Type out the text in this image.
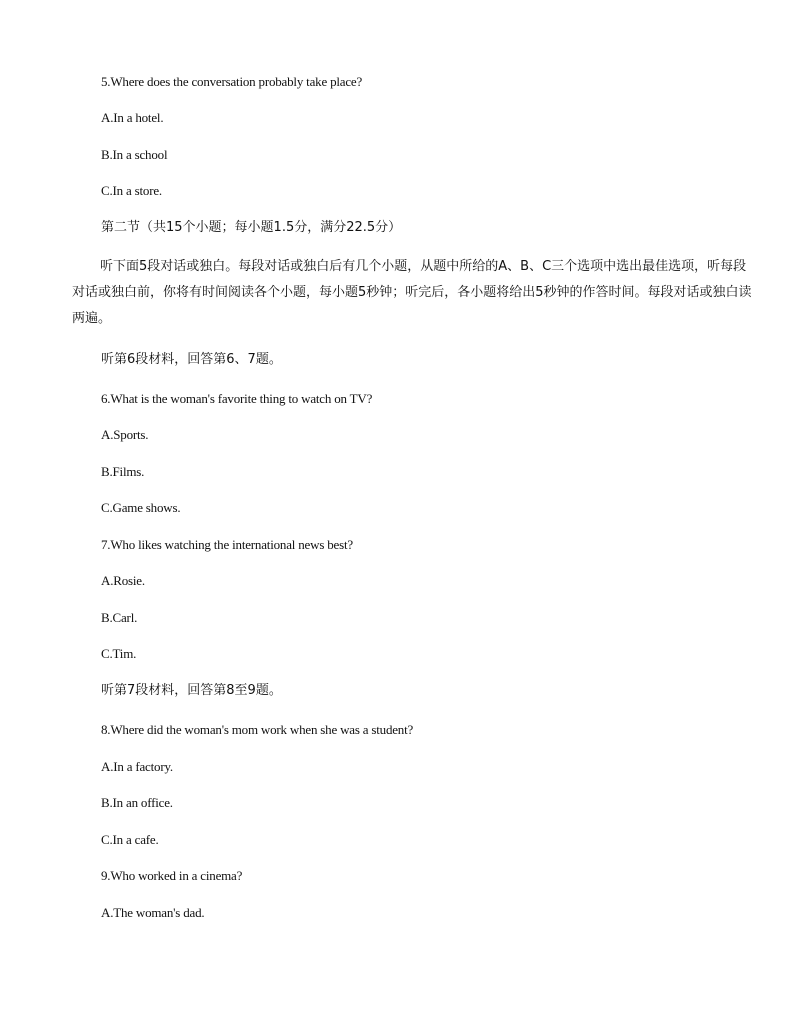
5.Where does the conversation probably take place?
A.In a hotel.
B.In a school
C.In a store.
第二节（共15个小题；每小题1.5分，满分22.5分）
听下面5段对话或独白。每段对话或独白后有几个小题，从题中所给的A、B、C三个选项中选出最佳选项，听每段对话或独白前，你将有时间阅读各个小题，每小题5秒钟；听完后，各小题将给出5秒钟的作答时间。每段对话或独白读两遍。
听第6段材料，回答第6、7题。
6.What is the woman's favorite thing to watch on TV?
A.Sports.
B.Films.
C.Game shows.
7.Who likes watching the international news best?
A.Rosie.
B.Carl.
C.Tim.
听第7段材料，回答第8至9题。
8.Where did the woman's mom work when she was a student?
A.In a factory.
B.In an office.
C.In a cafe.
9.Who worked in a cinema?
A.The woman's dad.
